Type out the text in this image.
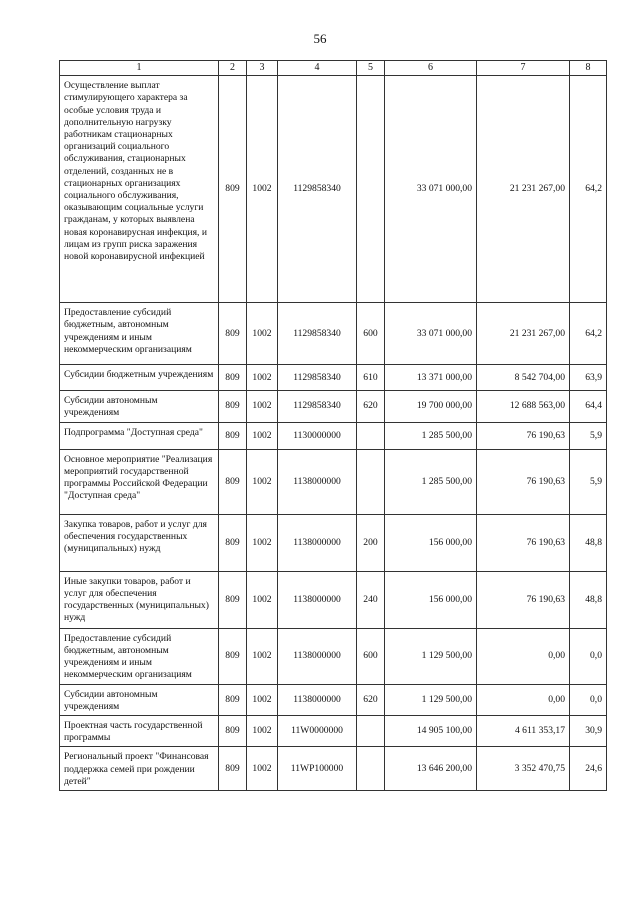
56
1	2	3	4	5	6	7	8
Осуществление выплат стимулирующего характера за особые условия труда и дополнительную нагрузку работникам стационарных организаций социального обслуживания, стационарных отделений, созданных не в стационарных организациях социального обслуживания, оказывающим социальные услуги гражданам, у которых выявлена новая коронавирусная инфекция, и лицам из групп риска заражения новой коронавирусной инфекцией	809	1002	1129858340		33 071 000,00	21 231 267,00	64,2
Предоставление субсидий бюджетным, автономным учреждениям и иным некоммерческим организациям	809	1002	1129858340	600	33 071 000,00	21 231 267,00	64,2
Субсидии бюджетным учреждениям	809	1002	1129858340	610	13 371 000,00	8 542 704,00	63,9
Субсидии автономным учреждениям	809	1002	1129858340	620	19 700 000,00	12 688 563,00	64,4
Подпрограмма "Доступная среда"	809	1002	1130000000		1 285 500,00	76 190,63	5,9
Основное мероприятие "Реализация мероприятий государственной программы Российской Федерации "Доступная среда"	809	1002	1138000000		1 285 500,00	76 190,63	5,9
Закупка товаров, работ и услуг для обеспечения государственных (муниципальных) нужд	809	1002	1138000000	200	156 000,00	76 190,63	48,8
Иные закупки товаров, работ и услуг для обеспечения государственных (муниципальных) нужд	809	1002	1138000000	240	156 000,00	76 190,63	48,8
Предоставление субсидий бюджетным, автономным учреждениям и иным некоммерческим организациям	809	1002	1138000000	600	1 129 500,00	0,00	0,0
Субсидии автономным учреждениям	809	1002	1138000000	620	1 129 500,00	0,00	0,0
Проектная часть государственной программы	809	1002	11W0000000		14 905 100,00	4 611 353,17	30,9
Региональный проект "Финансовая поддержка семей при рождении детей"	809	1002	11WP100000		13 646 200,00	3 352 470,75	24,6
